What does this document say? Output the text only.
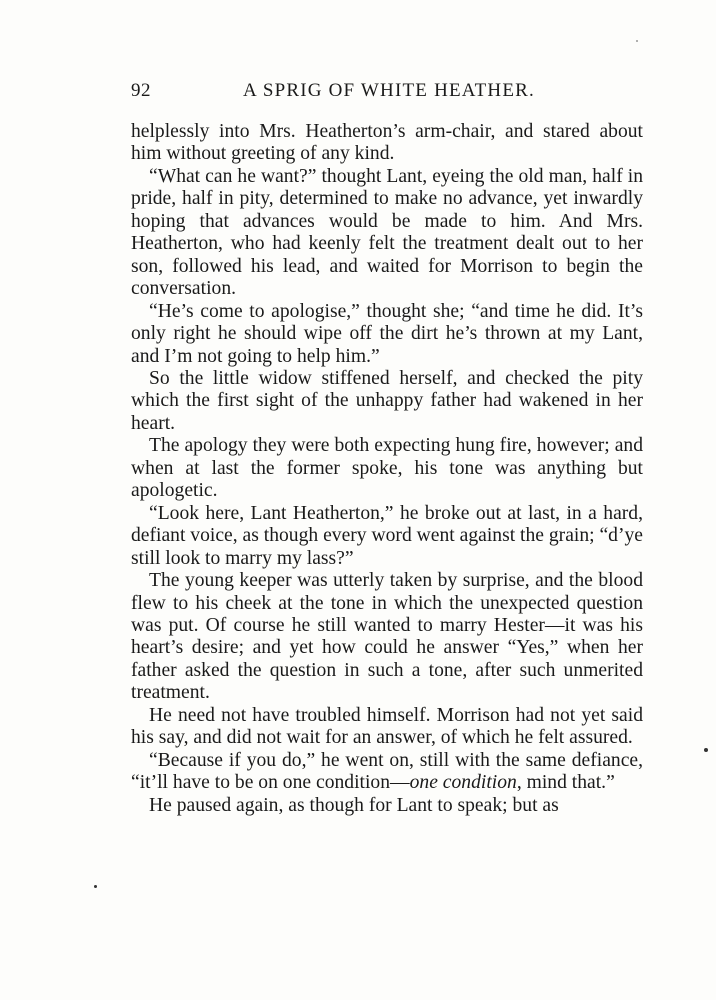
92	A SPRIG OF WHITE HEATHER.

helplessly into Mrs. Heatherton’s arm-chair, and stared about him without greeting of any kind.

“What can he want?” thought Lant, eyeing the old man, half in pride, half in pity, determined to make no advance, yet inwardly hoping that advances would be made to him. And Mrs. Heatherton, who had keenly felt the treatment dealt out to her son, followed his lead, and waited for Morrison to begin the conversation.

“He’s come to apologise,” thought she; “and time he did. It’s only right he should wipe off the dirt he’s thrown at my Lant, and I’m not going to help him.”

So the little widow stiffened herself, and checked the pity which the first sight of the unhappy father had wakened in her heart.

The apology they were both expecting hung fire, however; and when at last the former spoke, his tone was anything but apologetic.

“Look here, Lant Heatherton,” he broke out at last, in a hard, defiant voice, as though every word went against the grain; “d’ye still look to marry my lass?”

The young keeper was utterly taken by surprise, and the blood flew to his cheek at the tone in which the unexpected question was put. Of course he still wanted to marry Hester—it was his heart’s desire; and yet how could he answer “Yes,” when her father asked the question in such a tone, after such unmerited treatment.

He need not have troubled himself. Morrison had not yet said his say, and did not wait for an answer, of which he felt assured.

“Because if you do,” he went on, still with the same defiance, “it’ll have to be on one condition—one condition, mind that.”

He paused again, as though for Lant to speak; but as
